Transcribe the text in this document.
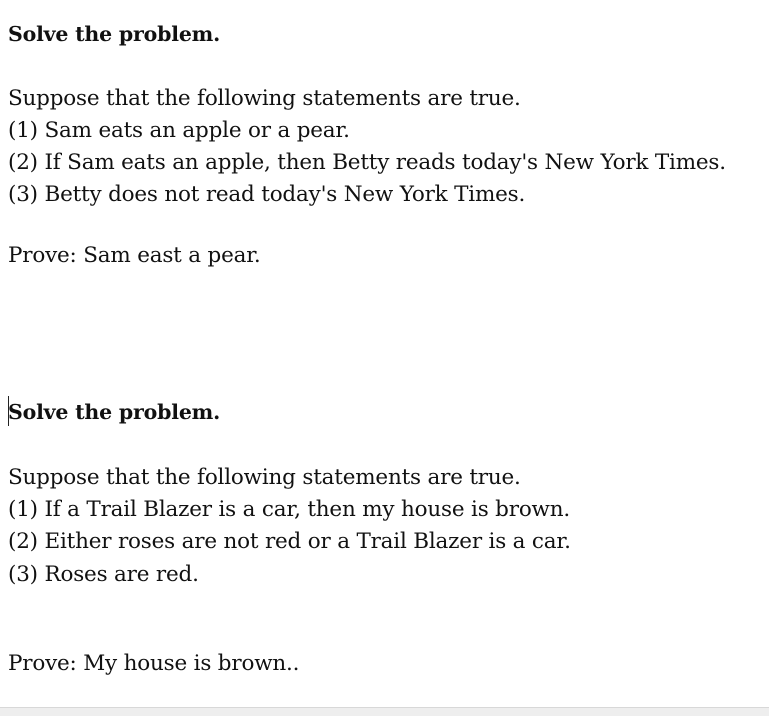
Solve the problem.
Suppose that the following statements are true.
(1) Sam eats an apple or a pear.
(2) If Sam eats an apple, then Betty reads today's New York Times.
(3) Betty does not read today's New York Times.
Prove: Sam east a pear.
Solve the problem.
Suppose that the following statements are true.
(1) If a Trail Blazer is a car, then my house is brown.
(2) Either roses are not red or a Trail Blazer is a car.
(3) Roses are red.
Prove: My house is brown..
